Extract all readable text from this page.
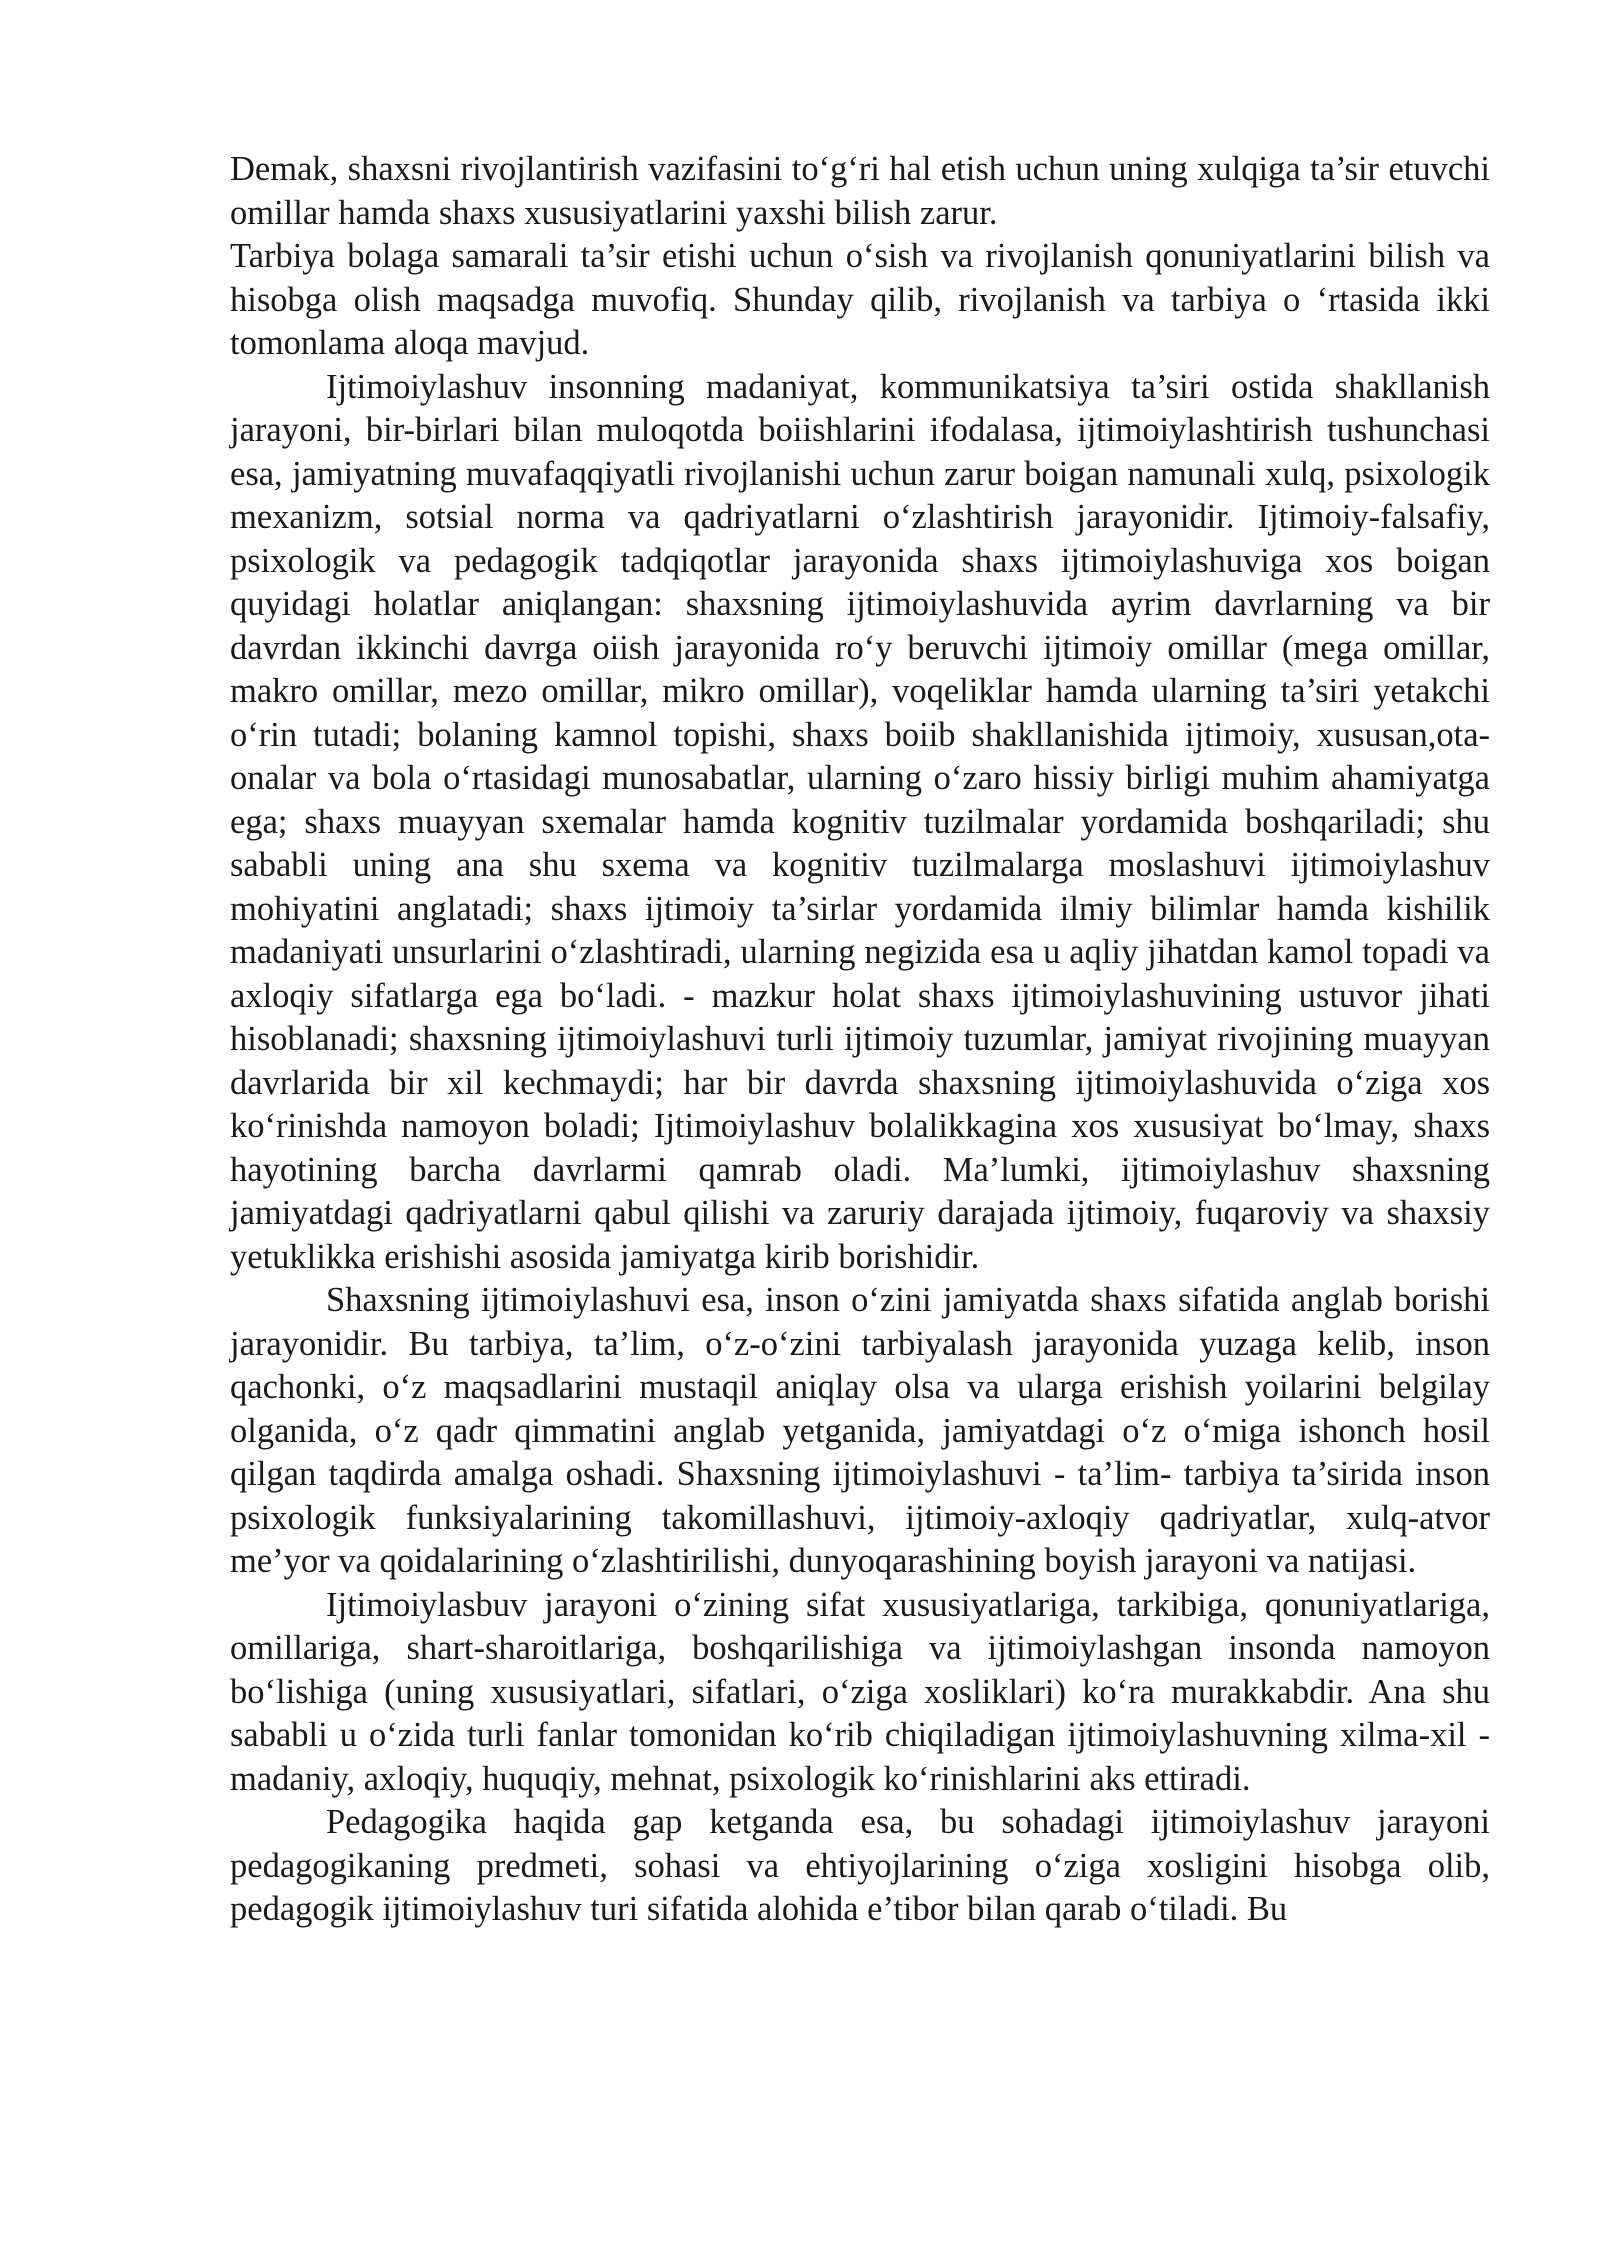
Demak, shaxsni rivojlantirish vazifasini to‘g‘ri hal etish uchun uning xulqiga ta’sir etuvchi omillar hamda shaxs xususiyatlarini yaxshi bilish zarur.

Tarbiya bolaga samarali ta’sir etishi uchun o‘sish va rivojlanish qonuniyatlarini bilish va hisobga olish maqsadga muvofiq. Shunday qilib, rivojlanish va tarbiya o ‘rtasida ikki tomonlama aloqa mavjud.

Ijtimoiylashuv insonning madaniyat, kommunikatsiya ta’siri ostida shakllanish jarayoni, bir-birlari bilan muloqotda boiishlarini ifodalasa, ijtimoiylashtirish tushunchasi esa, jamiyatning muvafaqqiyatli rivojlanishi uchun zarur boigan namunali xulq, psixologik mexanizm, sotsial norma va qadriyatlarni o‘zlashtirish jarayonidir. Ijtimoiy-falsafiy, psixologik va pedagogik tadqiqotlar jarayonida shaxs ijtimoiylashuviga xos boigan quyidagi holatlar aniqlangan: shaxsning ijtimoiylashuvida ayrim davrlarning va bir davrdan ikkinchi davrga oiish jarayonida ro‘y beruvchi ijtimoiy omillar (mega omillar, makro omillar, mezo omillar, mikro omillar), voqeliklar hamda ularning ta’siri yetakchi o‘rin tutadi; bolaning kamnol topishi, shaxs boiib shakllanishida ijtimoiy, xususan,ota-onalar va bola o‘rtasidagi munosabatlar, ularning o‘zaro hissiy birligi muhim ahamiyatga ega; shaxs muayyan sxemalar hamda kognitiv tuzilmalar yordamida boshqariladi; shu sababli uning ana shu sxema va kognitiv tuzilmalarga moslashuvi ijtimoiylashuv mohiyatini anglatadi; shaxs ijtimoiy ta’sirlar yordamida ilmiy bilimlar hamda kishilik madaniyati unsurlarini o‘zlashtiradi, ularning negizida esa u aqliy jihatdan kamol topadi va axloqiy sifatlarga ega bo‘ladi. - mazkur holat shaxs ijtimoiylashuvining ustuvor jihati hisoblanadi; shaxsning ijtimoiylashuvi turli ijtimoiy tuzumlar, jamiyat rivojining muayyan davrlarida bir xil kechmaydi; har bir davrda shaxsning ijtimoiylashuvida o‘ziga xos ko‘rinishda namoyon boladi; Ijtimoiylashuv bolalikkagina xos xususiyat bo‘lmay, shaxs hayotining barcha davrlarmi qamrab oladi. Ma’lumki, ijtimoiylashuv shaxsning jamiyatdagi qadriyatlarni qabul qilishi va zaruriy darajada ijtimoiy, fuqaroviy va shaxsiy yetuklikka erishishi asosida jamiyatga kirib borishidir.

Shaxsning ijtimoiylashuvi esa, inson o‘zini jamiyatda shaxs sifatida anglab borishi jarayonidir. Bu tarbiya, ta’lim, o‘z-o‘zini tarbiyalash jarayonida yuzaga kelib, inson qachonki, o‘z maqsadlarini mustaqil aniqlay olsa va ularga erishish yoilarini belgilay olganida, o‘z qadr qimmatini anglab yetganida, jamiyatdagi o‘z o‘miga ishonch hosil qilgan taqdirda amalga oshadi. Shaxsning ijtimoiylashuvi - ta’lim- tarbiya ta’sirida inson psixologik funksiyalarining takomillashuvi, ijtimoiy-axloqiy qadriyatlar, xulq-atvor me’yor va qoidalarining o‘zlashtirilishi, dunyoqarashining boyish jarayoni va natijasi.

Ijtimoiylasbuv jarayoni o‘zining sifat xususiyatlariga, tarkibiga, qonuniyatlariga, omillariga, shart-sharoitlariga, boshqarilishiga va ijtimoiylashgan insonda namoyon bo‘lishiga (uning xususiyatlari, sifatlari, o‘ziga xosliklari) ko‘ra murakkabdir. Ana shu sababli u o‘zida turli fanlar tomonidan ko‘rib chiqiladigan ijtimoiylashuvning xilma-xil - madaniy, axloqiy, huquqiy, mehnat, psixologik ko‘rinishlarini aks ettiradi.

Pedagogika haqida gap ketganda esa, bu sohadagi ijtimoiylashuv jarayoni pedagogikaning predmeti, sohasi va ehtiyojlarining o‘ziga xosligini hisobga olib, pedagogik ijtimoiylashuv turi sifatida alohida e’tibor bilan qarab o‘tiladi. Bu
